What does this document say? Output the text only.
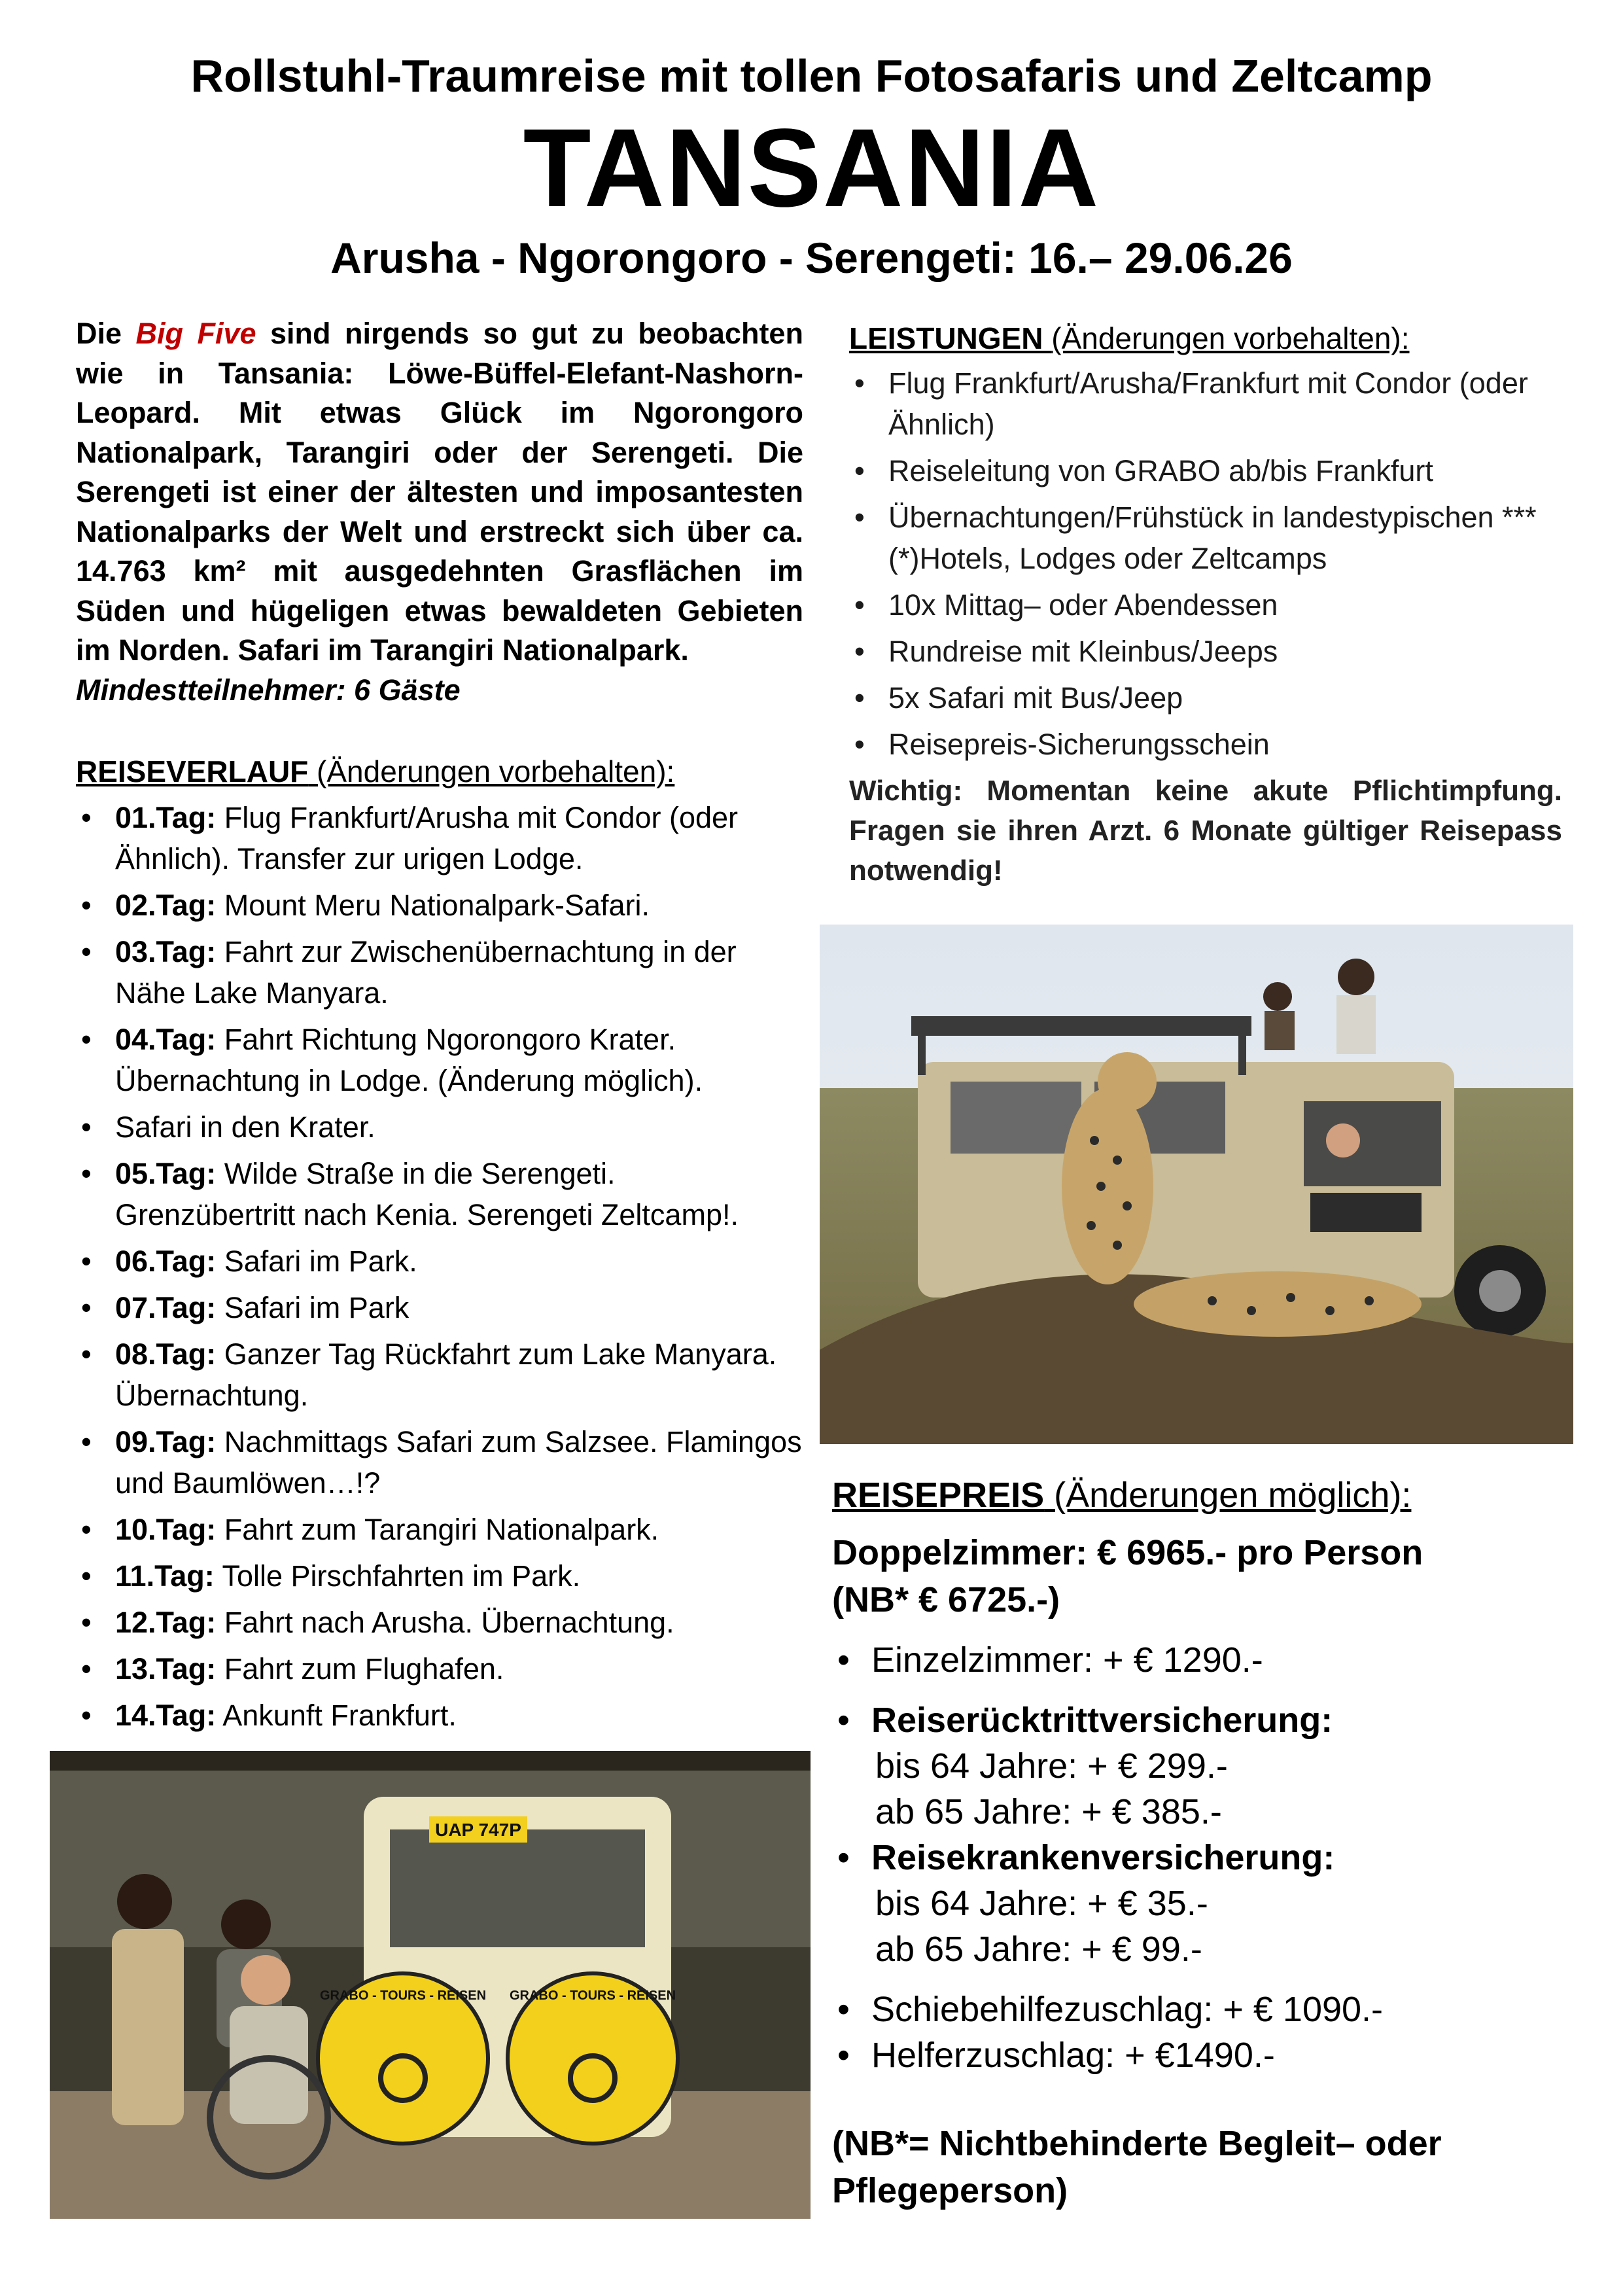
Rollstuhl-Traumreise mit tollen Fotosafaris und Zeltcamp
TANSANIA
Arusha - Ngorongoro - Serengeti: 16.– 29.06.26
Die Big Five sind nirgends so gut zu beobachten wie in Tansania: Löwe-Büffel-Elefant-Nashorn-Leopard. Mit etwas Glück im Ngorongoro Nationalpark, Tarangiri oder der Serengeti. Die Serengeti ist einer der ältesten und imposantesten Nationalparks der Welt und erstreckt sich über ca. 14.763 km² mit ausgedehnten Grasflächen im Süden und hügeligen etwas bewaldeten Gebieten im Norden. Safari im Tarangiri Nationalpark.
Mindestteilnehmer: 6 Gäste
REISEVERLAUF (Änderungen vorbehalten):
• 01.Tag: Flug Frankfurt/Arusha mit Condor (oder Ähnlich). Transfer zur urigen Lodge.
• 02.Tag: Mount Meru Nationalpark-Safari.
• 03.Tag: Fahrt zur Zwischenübernachtung in der Nähe Lake Manyara.
• 04.Tag: Fahrt Richtung Ngorongoro Krater. Übernachtung in Lodge. (Änderung möglich).
• Safari in den Krater.
• 05.Tag: Wilde Straße in die Serengeti. Grenzübertritt nach Kenia. Serengeti Zeltcamp!.
• 06.Tag: Safari im Park.
• 07.Tag: Safari im Park
• 08.Tag: Ganzer Tag Rückfahrt zum Lake Manyara. Übernachtung.
• 09.Tag: Nachmittags Safari zum Salzsee. Flamingos und Baumlöwen…!?
• 10.Tag: Fahrt zum Tarangiri Nationalpark.
• 11.Tag: Tolle Pirschfahrten im Park.
• 12.Tag: Fahrt nach Arusha. Übernachtung.
• 13.Tag: Fahrt zum Flughafen.
• 14.Tag: Ankunft Frankfurt.
LEISTUNGEN (Änderungen vorbehalten):
• Flug Frankfurt/Arusha/Frankfurt mit Condor (oder Ähnlich)
• Reiseleitung von GRABO ab/bis Frankfurt
• Übernachtungen/Frühstück in landestypischen ***(*)Hotels, Lodges oder Zeltcamps
• 10x Mittag– oder Abendessen
• Rundreise mit Kleinbus/Jeeps
• 5x Safari mit Bus/Jeep
• Reisepreis-Sicherungsschein
Wichtig: Momentan keine akute Pflichtimpfung. Fragen sie ihren Arzt. 6 Monate gültiger Reisepass notwendig!
REISEPREIS (Änderungen möglich):
Doppelzimmer: € 6965.- pro Person
(NB* € 6725.-)
• Einzelzimmer: + € 1290.-
• Reiserücktrittversicherung:
bis 64 Jahre: + € 299.-
ab 65 Jahre: + € 385.-
• Reisekrankenversicherung:
bis 64 Jahre: + € 35.-
ab 65 Jahre: + € 99.-
• Schiebehilfezuschlag: + € 1090.-
• Helferzuschlag: + €1490.-
(NB*= Nichtbehinderte Begleit– oder Pflegeperson)
UAP 747P
GRABO - TOURS - REISEN GRABO - TOURS - REISEN
